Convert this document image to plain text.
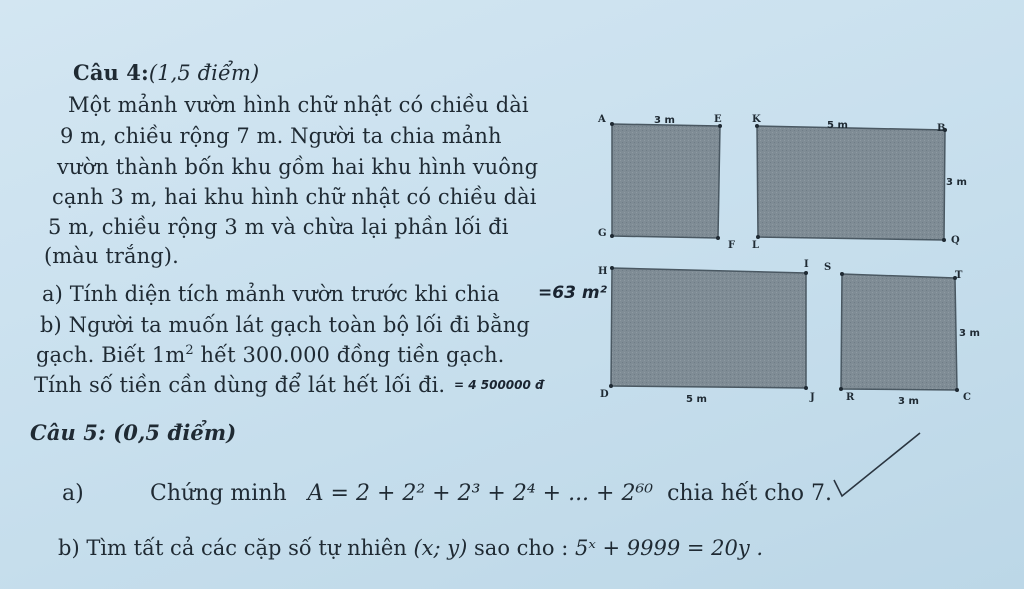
Câu 4:(1,5 điểm)
Một mảnh vườn hình chữ nhật có chiều dài
9 m, chiều rộng 7 m. Người ta chia mảnh
vườn thành bốn khu gồm hai khu hình vuông
cạnh 3 m, hai khu hình chữ nhật có chiều dài
5 m, chiều rộng 3 m và chừa lại phần lối đi
(màu trắng).
a) Tính diện tích mảnh vườn trước khi chia =63 m²
b) Người ta muốn lát gạch toàn bộ lối đi bằng
gạch. Biết $1m^2$ hết 300.000 đồng tiền gạch.
Tính số tiền cần dùng để lát hết lối đi. = 4 500000 đ
A	E	K
B
G
F L	Q
H
I S
T
D	J	R	C
3 m	5 m
3 m
3 m
5 m	3 m
Câu 5: (0,5 điểm)
a)	Chứng minh A = 2 + 2² + 2³ + 2⁴ + ... + 2⁶⁰ chia hết cho 7.
b) Tìm tất cả các cặp số tự nhiên (x; y) sao cho : 5ˣ + 9999 = 20y .
